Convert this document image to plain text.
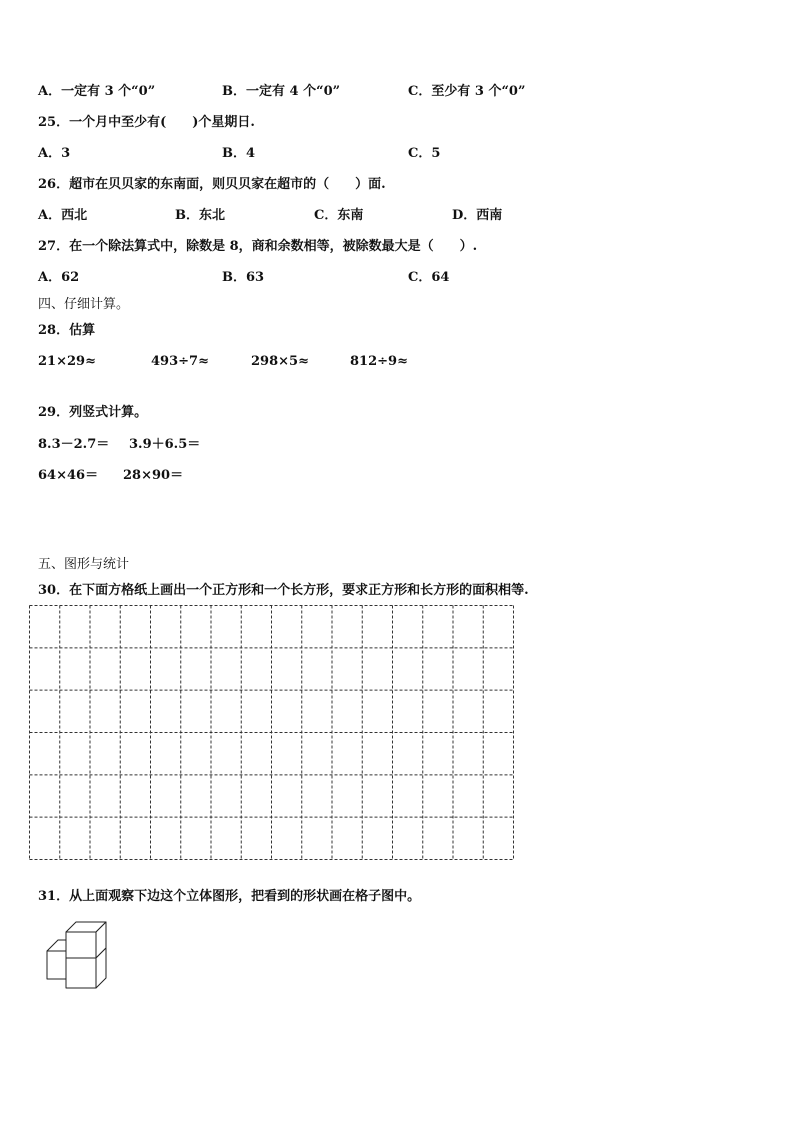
A．一定有 3 个“0”	B．一定有 4 个“0”	C．至少有 3 个“0”
25．一个月中至少有(　　)个星期日.
A．3	B．4	C．5
26．超市在贝贝家的东南面，则贝贝家在超市的（　　）面.
A．西北	B．东北	C．东南	D．西南
27．在一个除法算式中，除数是 8，商和余数相等，被除数最大是（　　）.
A．62	B．63	C．64
四、仔细计算。
28．估算
21×29≈	493÷7≈	298×5≈	812÷9≈
29．列竖式计算。
8.3－2.7＝ 3.9＋6.5＝
64×46＝ 28×90＝
五、图形与统计
30．在下面方格纸上画出一个正方形和一个长方形，要求正方形和长方形的面积相等.
31．从上面观察下边这个立体图形，把看到的形状画在格子图中。
